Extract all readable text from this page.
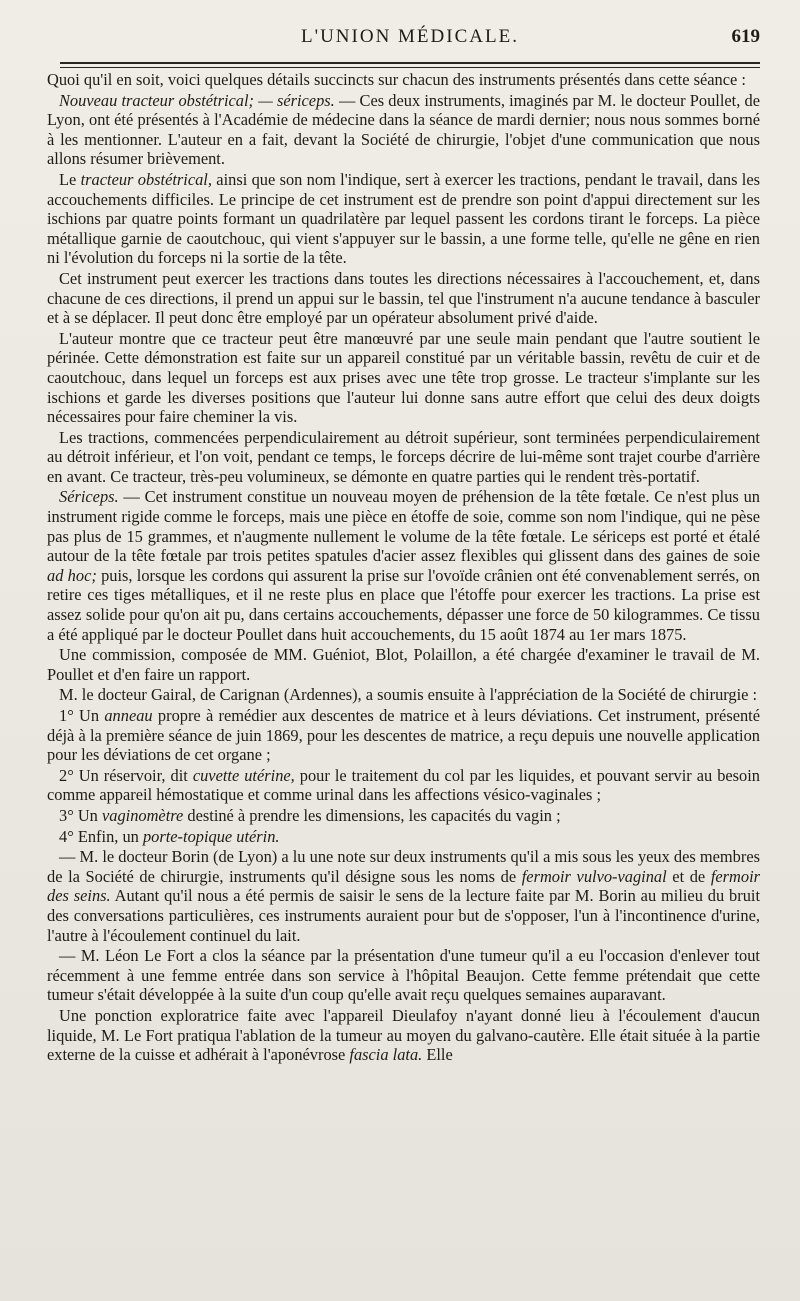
L'UNION MÉDICALE.	619

Quoi qu'il en soit, voici quelques détails succincts sur chacun des instruments présentés dans cette séance :

Nouveau tracteur obstétrical; — sériceps. — Ces deux instruments, imaginés par M. le docteur Poullet, de Lyon, ont été présentés à l'Académie de médecine dans la séance de mardi dernier; nous nous sommes borné à les mentionner. L'auteur en a fait, devant la Société de chirurgie, l'objet d'une communication que nous allons résumer brièvement.

Le tracteur obstétrical, ainsi que son nom l'indique, sert à exercer les tractions, pendant le travail, dans les accouchements difficiles. Le principe de cet instrument est de prendre son point d'appui directement sur les ischions par quatre points formant un quadrilatère par lequel passent les cordons tirant le forceps. La pièce métallique garnie de caoutchouc, qui vient s'appuyer sur le bassin, a une forme telle, qu'elle ne gêne en rien ni l'évolution du forceps ni la sortie de la tête.

Cet instrument peut exercer les tractions dans toutes les directions nécessaires à l'accouchement, et, dans chacune de ces directions, il prend un appui sur le bassin, tel que l'instrument n'a aucune tendance à basculer et à se déplacer. Il peut donc être employé par un opérateur absolument privé d'aide.

L'auteur montre que ce tracteur peut être manœuvré par une seule main pendant que l'autre soutient le périnée. Cette démonstration est faite sur un appareil constitué par un véritable bassin, revêtu de cuir et de caoutchouc, dans lequel un forceps est aux prises avec une tête trop grosse. Le tracteur s'implante sur les ischions et garde les diverses positions que l'auteur lui donne sans autre effort que celui des deux doigts nécessaires pour faire cheminer la vis.

Les tractions, commencées perpendiculairement au détroit supérieur, sont terminées perpendiculairement au détroit inférieur, et l'on voit, pendant ce temps, le forceps décrire de lui-même sont trajet courbe d'arrière en avant. Ce tracteur, très-peu volumineux, se démonte en quatre parties qui le rendent très-portatif.

Sériceps. — Cet instrument constitue un nouveau moyen de préhension de la tête fœtale. Ce n'est plus un instrument rigide comme le forceps, mais une pièce en étoffe de soie, comme son nom l'indique, qui ne pèse pas plus de 15 grammes, et n'augmente nullement le volume de la tête fœtale. Le sériceps est porté et étalé autour de la tête fœtale par trois petites spatules d'acier assez flexibles qui glissent dans des gaines de soie ad hoc; puis, lorsque les cordons qui assurent la prise sur l'ovoïde crânien ont été convenablement serrés, on retire ces tiges métalliques, et il ne reste plus en place que l'étoffe pour exercer les tractions. La prise est assez solide pour qu'on ait pu, dans certains accouchements, dépasser une force de 50 kilogrammes. Ce tissu a été appliqué par le docteur Poullet dans huit accouchements, du 15 août 1874 au 1er mars 1875.

Une commission, composée de MM. Guéniot, Blot, Polaillon, a été chargée d'examiner le travail de M. Poullet et d'en faire un rapport.

M. le docteur Gairal, de Carignan (Ardennes), a soumis ensuite à l'appréciation de la Société de chirurgie :

1° Un anneau propre à remédier aux descentes de matrice et à leurs déviations. Cet instrument, présenté déjà à la première séance de juin 1869, pour les descentes de matrice, a reçu depuis une nouvelle application pour les déviations de cet organe ;

2° Un réservoir, dit cuvette utérine, pour le traitement du col par les liquides, et pouvant servir au besoin comme appareil hémostatique et comme urinal dans les affections vésico-vaginales ;

3° Un vaginomètre destiné à prendre les dimensions, les capacités du vagin ;

4° Enfin, un porte-topique utérin.

— M. le docteur Borin (de Lyon) a lu une note sur deux instruments qu'il a mis sous les yeux des membres de la Société de chirurgie, instruments qu'il désigne sous les noms de fermoir vulvo-vaginal et de fermoir des seins. Autant qu'il nous a été permis de saisir le sens de la lecture faite par M. Borin au milieu du bruit des conversations particulières, ces instruments auraient pour but de s'opposer, l'un à l'incontinence d'urine, l'autre à l'écoulement continuel du lait.

— M. Léon Le Fort a clos la séance par la présentation d'une tumeur qu'il a eu l'occasion d'enlever tout récemment à une femme entrée dans son service à l'hôpital Beaujon. Cette femme prétendait que cette tumeur s'était développée à la suite d'un coup qu'elle avait reçu quelques semaines auparavant.

Une ponction exploratrice faite avec l'appareil Dieulafoy n'ayant donné lieu à l'écoulement d'aucun liquide, M. Le Fort pratiqua l'ablation de la tumeur au moyen du galvano-cautère. Elle était située à la partie externe de la cuisse et adhérait à l'aponévrose fascia lata. Elle
